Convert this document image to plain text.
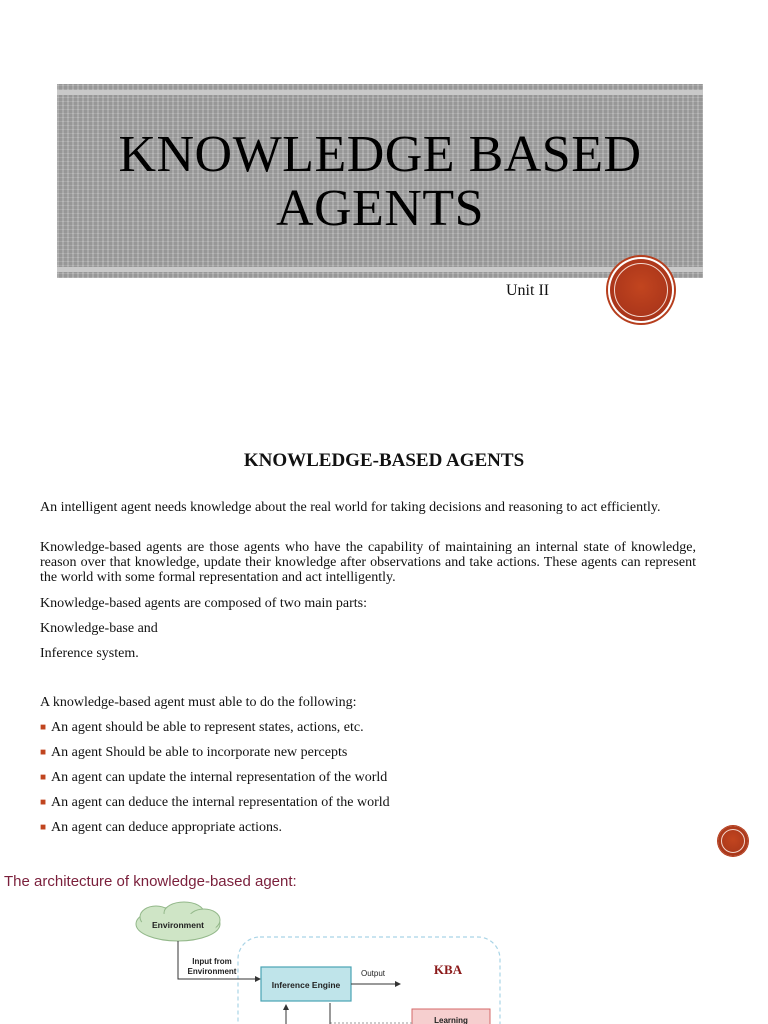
KNOWLEDGE BASED AGENTS
Unit II
KNOWLEDGE-BASED AGENTS
An intelligent agent needs knowledge about the real world for taking decisions and reasoning to act efficiently.
Knowledge-based agents are those agents who have the capability of maintaining an internal state of knowledge, reason over that knowledge, update their knowledge after observations and take actions. These agents can represent the world with some formal representation and act intelligently.
Knowledge-based agents are composed of two main parts:
Knowledge-base and
Inference system.
A knowledge-based agent must able to do the following:
■ An agent should be able to represent states, actions, etc.
■ An agent Should be able to incorporate new percepts
■ An agent can update the internal representation of the world
■ An agent can deduce the internal representation of the world
■ An agent can deduce appropriate actions.
The architecture of knowledge-based agent:
Environment
Input from
Environment
Inference Engine
Output	KBA
Learning
